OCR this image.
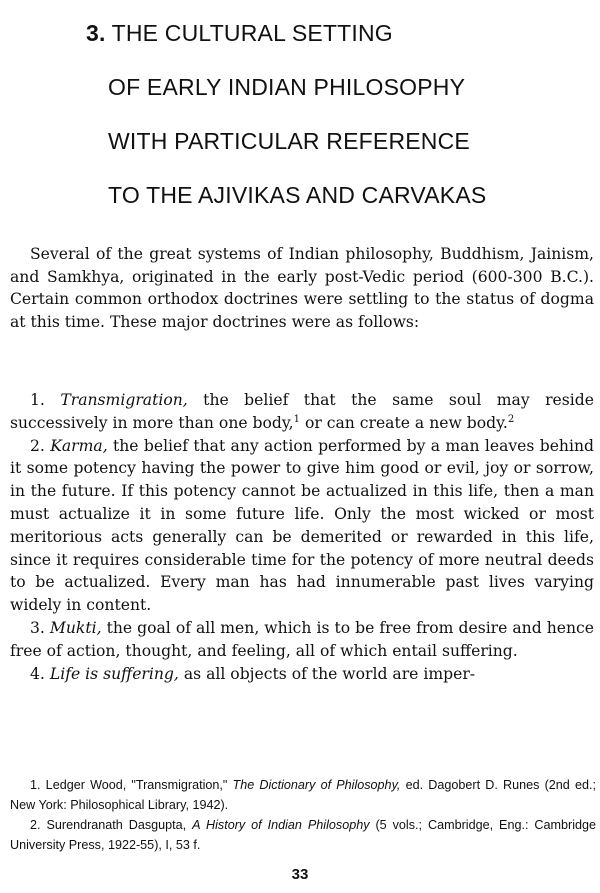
3. THE CULTURAL SETTING
OF EARLY INDIAN PHILOSOPHY
WITH PARTICULAR REFERENCE
TO THE AJIVIKAS AND CARVAKAS

Several of the great systems of Indian philosophy, Buddhism, Jainism, and Samkhya, originated in the early post-Vedic period (600-300 B.C.). Certain common orthodox doctrines were settling to the status of dogma at this time. These major doctrines were as follows:

1. Transmigration, the belief that the same soul may reside successively in more than one body,$^1$ or can create a new body.$^2$

2. Karma, the belief that any action performed by a man leaves behind it some potency having the power to give him good or evil, joy or sorrow, in the future. If this potency cannot be actualized in this life, then a man must actualize it in some future life. Only the most wicked or most meritorious acts generally can be demerited or rewarded in this life, since it requires considerable time for the potency of more neutral deeds to be actualized. Every man has had innumerable past lives varying widely in content.

3. Mukti, the goal of all men, which is to be free from desire and hence free of action, thought, and feeling, all of which entail suffering.

4. Life is suffering, as all objects of the world are imper-

1. Ledger Wood, "Transmigration," The Dictionary of Philosophy, ed. Dagobert D. Runes (2nd ed.; New York: Philosophical Library, 1942).

2. Surendranath Dasgupta, A History of Indian Philosophy (5 vols.; Cambridge, Eng.: Cambridge University Press, 1922-55), I, 53 f.

33
